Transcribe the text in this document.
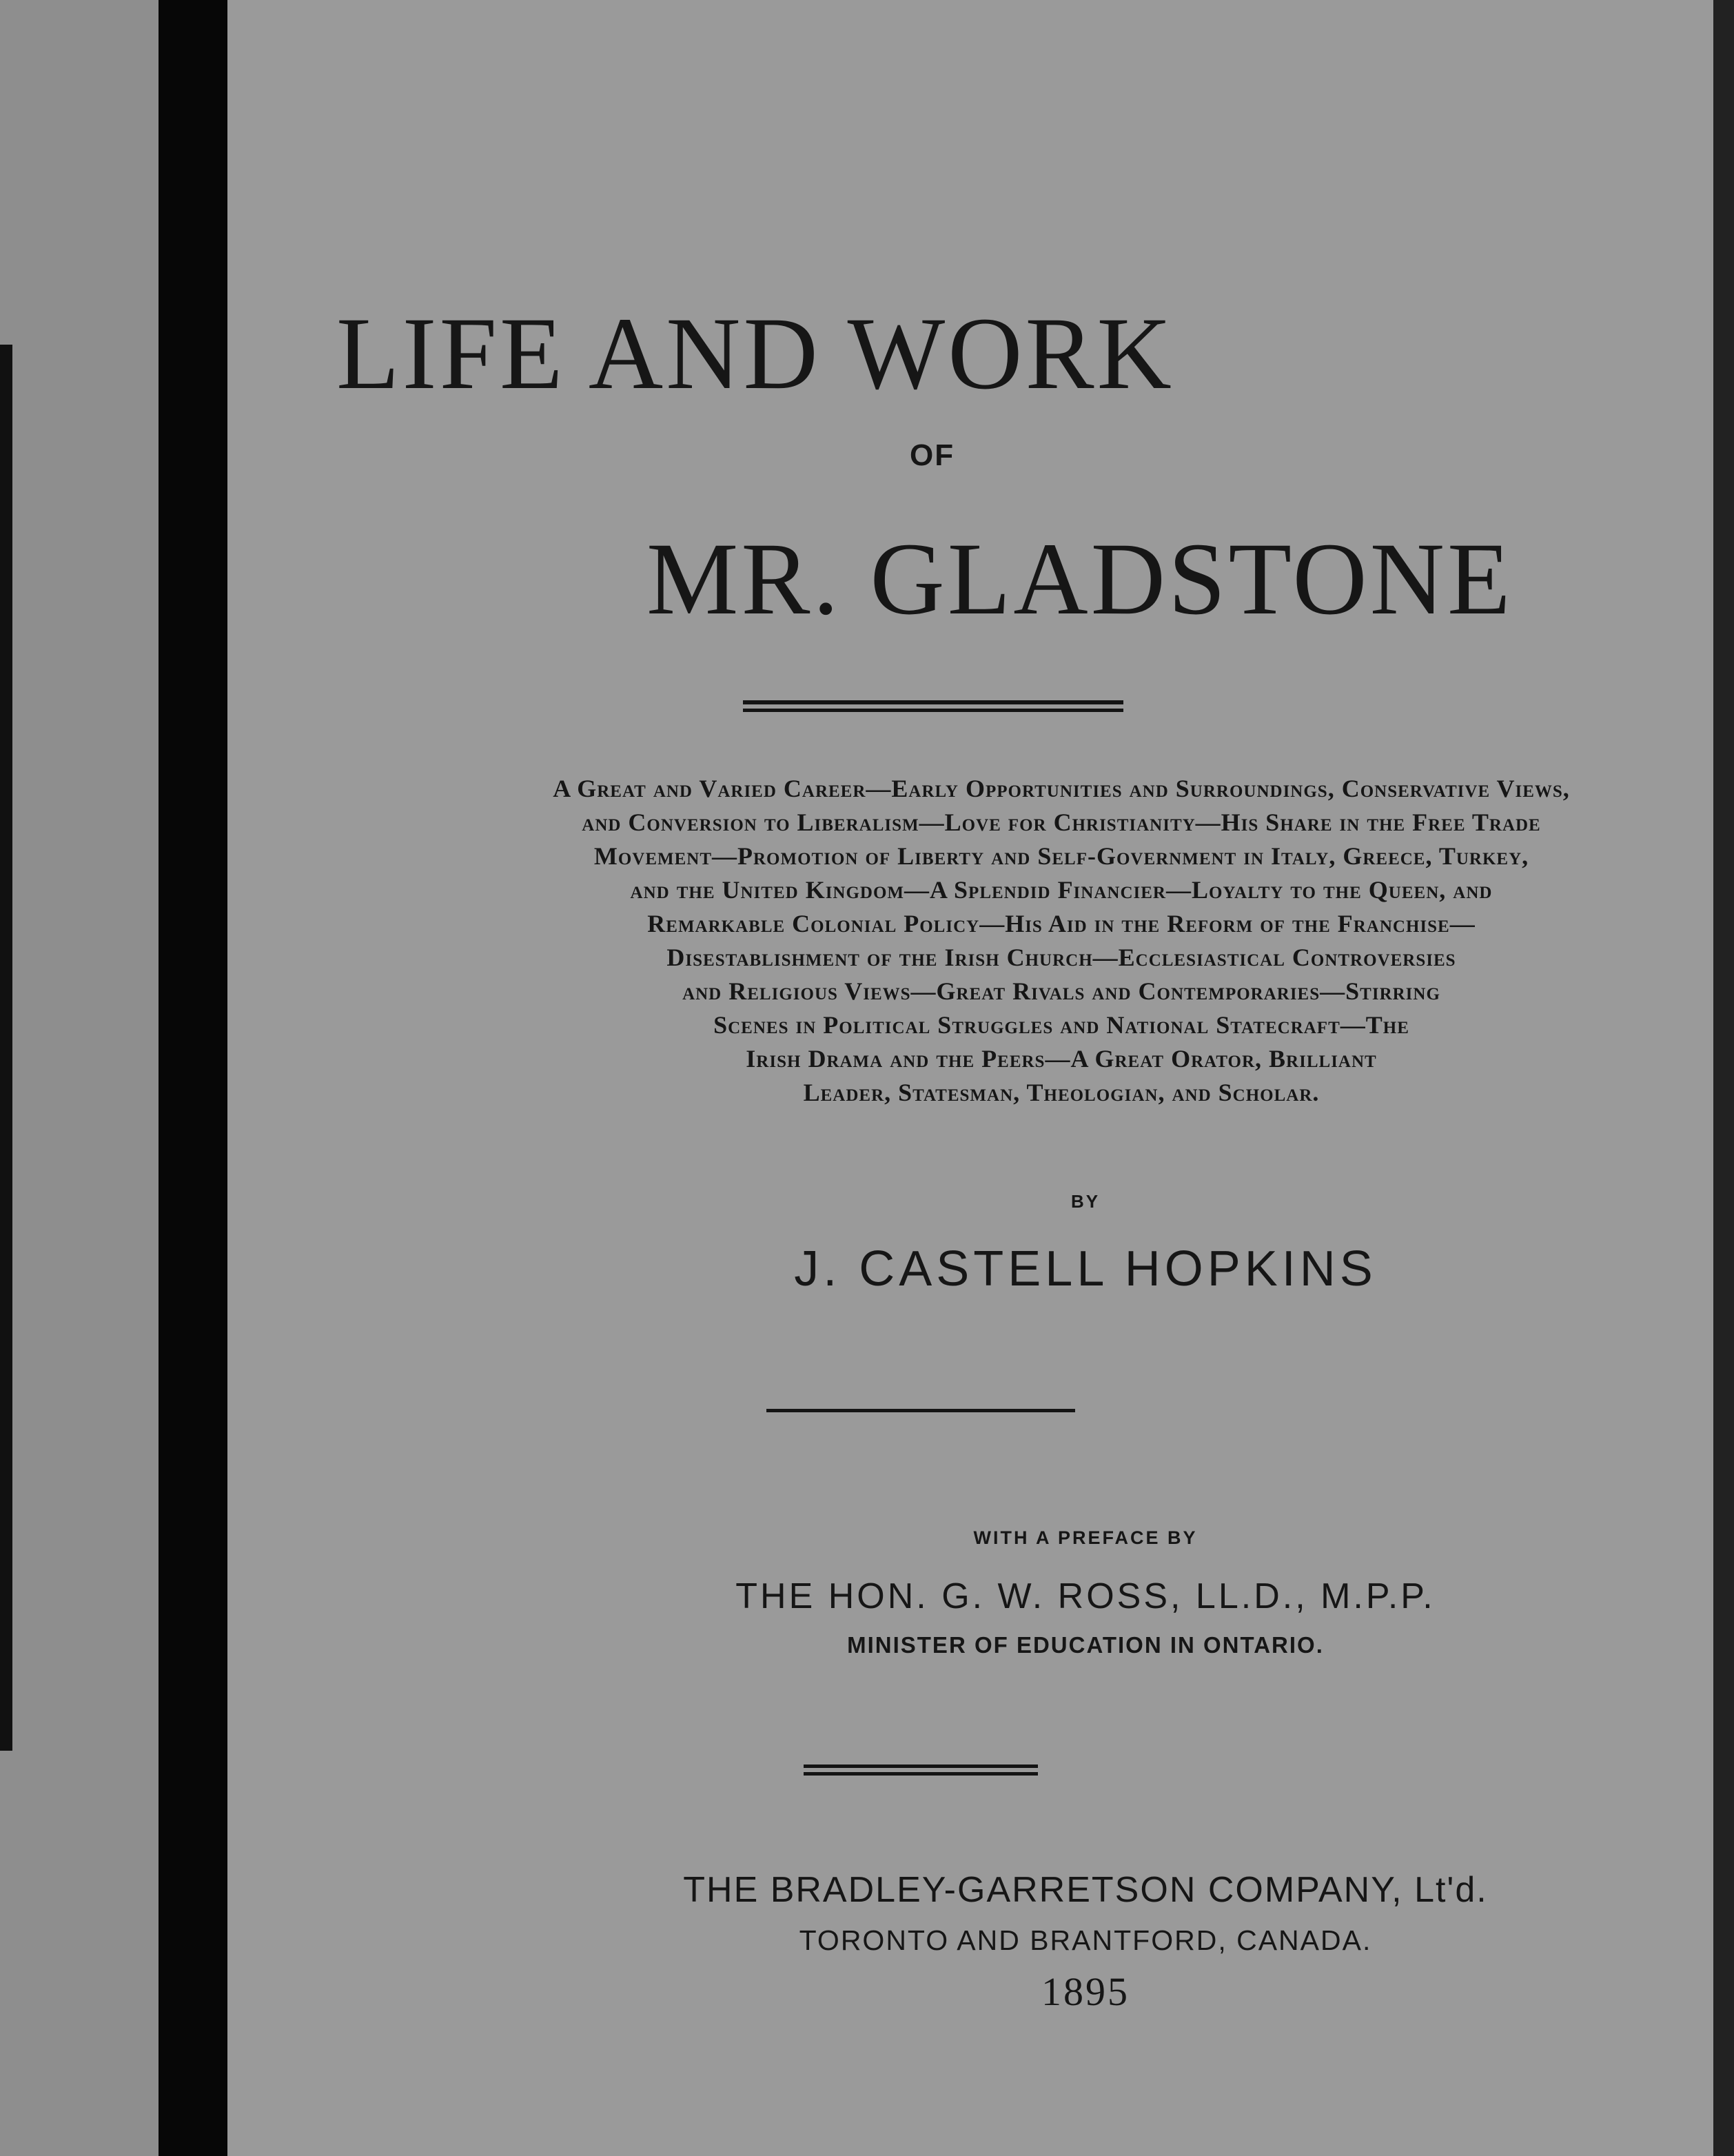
LIFE AND WORK
OF
MR. GLADSTONE
A Great and Varied Career—Early Opportunities and Surroundings, Conservative Views,
and Conversion to Liberalism—Love for Christianity—His Share in the Free Trade
Movement—Promotion of Liberty and Self-Government in Italy, Greece, Turkey,
and the United Kingdom—A Splendid Financier—Loyalty to the Queen, and
Remarkable Colonial Policy—His Aid in the Reform of the Franchise—
Disestablishment of the Irish Church—Ecclesiastical Controversies
and Religious Views—Great Rivals and Contemporaries—Stirring
Scenes in Political Struggles and National Statecraft—The
Irish Drama and the Peers—A Great Orator, Brilliant
Leader, Statesman, Theologian, and Scholar.
BY
J. CASTELL HOPKINS
WITH A PREFACE BY
THE HON. G. W. ROSS, LL.D., M.P.P.
MINISTER OF EDUCATION IN ONTARIO.
THE BRADLEY-GARRETSON COMPANY, Lt'd.
TORONTO AND BRANTFORD, CANADA.
1895
